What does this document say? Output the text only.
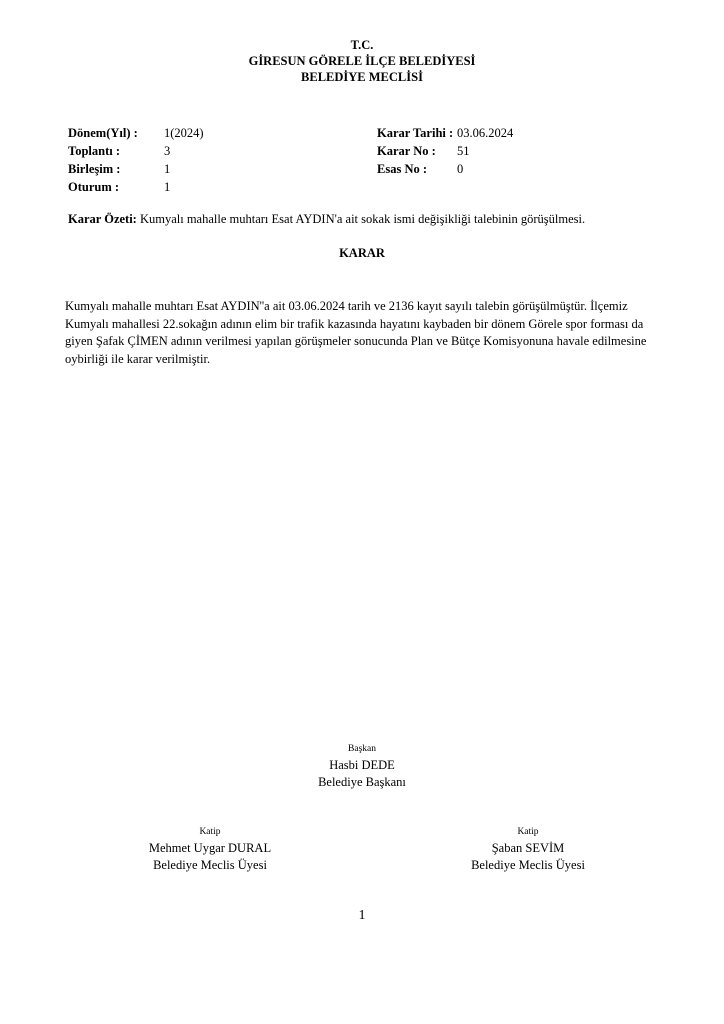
T.C.
GİRESUN GÖRELE İLÇE BELEDİYESİ
BELEDİYE MECLİSİ
Dönem(Yıl) :	1(2024)
Toplantı :	3
Birleşim :	1
Oturum :	1
Karar Tarihi : 03.06.2024
Karar No :	51
Esas No :	0
Karar Özeti: Kumyalı mahalle muhtarı Esat AYDIN'a ait sokak ismi değişikliği talebinin görüşülmesi.
KARAR
Kumyalı mahalle muhtarı Esat AYDIN''a ait 03.06.2024 tarih ve 2136 kayıt sayılı talebin görüşülmüştür. İlçemiz Kumyalı mahallesi 22.sokağın adının elim bir trafik kazasında hayatını kaybaden bir dönem Görele spor forması da giyen Şafak ÇİMEN adının verilmesi yapılan görüşmeler sonucunda Plan ve Bütçe Komisyonuna havale edilmesine oybirliği ile karar verilmiştir.
Başkan
Hasbi DEDE
Belediye Başkanı
Katip
Mehmet Uygar DURAL
Belediye Meclis Üyesi
Katip
Şaban SEVİM
Belediye Meclis Üyesi
1
